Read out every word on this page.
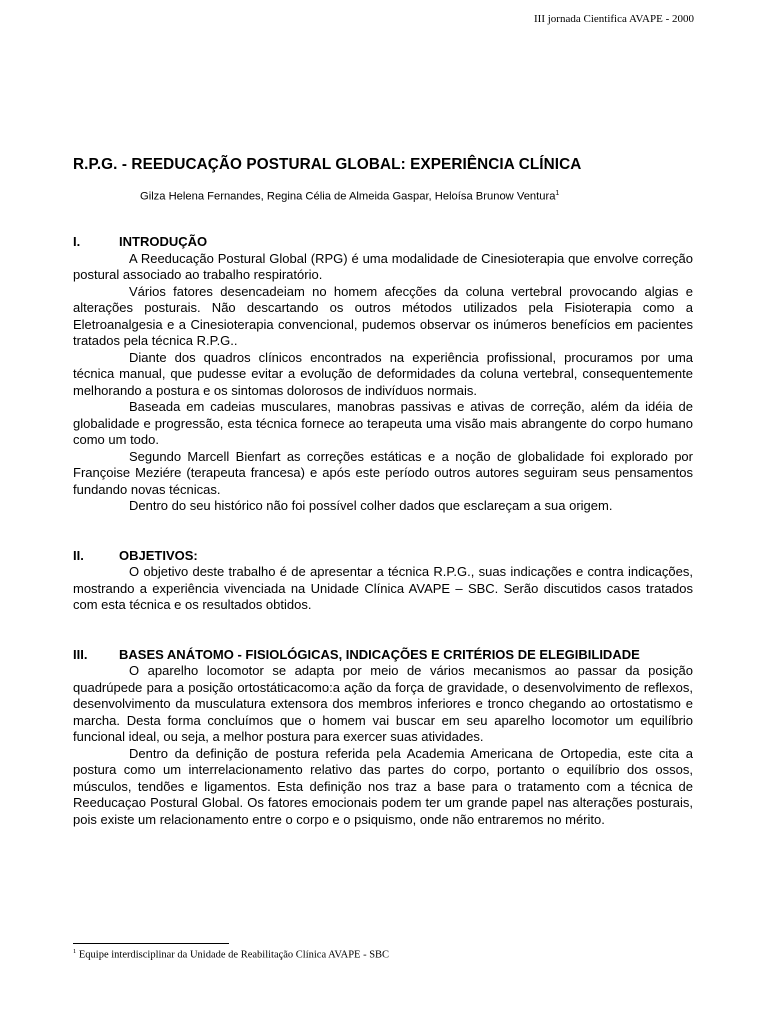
III jornada Cientifica AVAPE - 2000
R.P.G. - REEDUCAÇÃO POSTURAL GLOBAL: EXPERIÊNCIA CLÍNICA
Gilza Helena Fernandes, Regina Célia de Almeida Gaspar, Heloísa Brunow Ventura$^1$
I.	INTRODUÇÃO

A Reeducação Postural Global (RPG) é uma modalidade de Cinesioterapia que envolve correção postural associado ao trabalho respiratório.

Vários fatores desencadeiam no homem afecções da coluna vertebral provocando algias e alterações posturais. Não descartando os outros métodos utilizados pela Fisioterapia como a Eletroanalgesia e a Cinesioterapia convencional, pudemos observar os inúmeros benefícios em pacientes tratados pela técnica R.P.G..

Diante dos quadros clínicos encontrados na experiência profissional, procuramos por uma técnica manual, que pudesse evitar a evolução de deformidades da coluna vertebral, consequentemente melhorando a postura e os sintomas dolorosos de indivíduos normais.

Baseada em cadeias musculares, manobras passivas e ativas de correção, além da idéia de globalidade e progressão, esta técnica fornece ao terapeuta uma visão mais abrangente do corpo humano como um todo.

Segundo Marcell Bienfart as correções estáticas e a noção de globalidade foi explorado por Françoise Meziére (terapeuta francesa) e após este período outros autores seguiram seus pensamentos fundando novas técnicas.

Dentro do seu histórico não foi possível colher dados que esclareçam a sua origem.

II.	OBJETIVOS:

O objetivo deste trabalho é de apresentar a técnica R.P.G., suas indicações e contra indicações, mostrando a experiência vivenciada na Unidade Clínica AVAPE – SBC. Serão discutidos casos tratados com esta técnica e os resultados obtidos.

III. BASES ANÁTOMO - FISIOLÓGICAS, INDICAÇÕES E CRITÉRIOS DE ELEGIBILIDADE

O aparelho locomotor se adapta por meio de vários mecanismos ao passar da posição quadrúpede para a posição ortostáticacomo:a ação da força de gravidade, o desenvolvimento de reflexos, desenvolvimento da musculatura extensora dos membros inferiores e tronco chegando ao ortostatismo e marcha. Desta forma concluímos que o homem vai buscar em seu aparelho locomotor um equilíbrio funcional ideal, ou seja, a melhor postura para exercer suas atividades.

Dentro da definição de postura referida pela Academia Americana de Ortopedia, este cita a postura como um interrelacionamento relativo das partes do corpo, portanto o equilíbrio dos ossos, músculos, tendões e ligamentos. Esta definição nos traz a base para o tratamento com a técnica de Reeducaçao Postural Global. Os fatores emocionais podem ter um grande papel nas alterações posturais, pois existe um relacionamento entre o corpo e o psiquismo, onde não entraremos no mérito.

$^1$ Equipe interdisciplinar da Unidade de Reabilitação Clínica AVAPE - SBC
